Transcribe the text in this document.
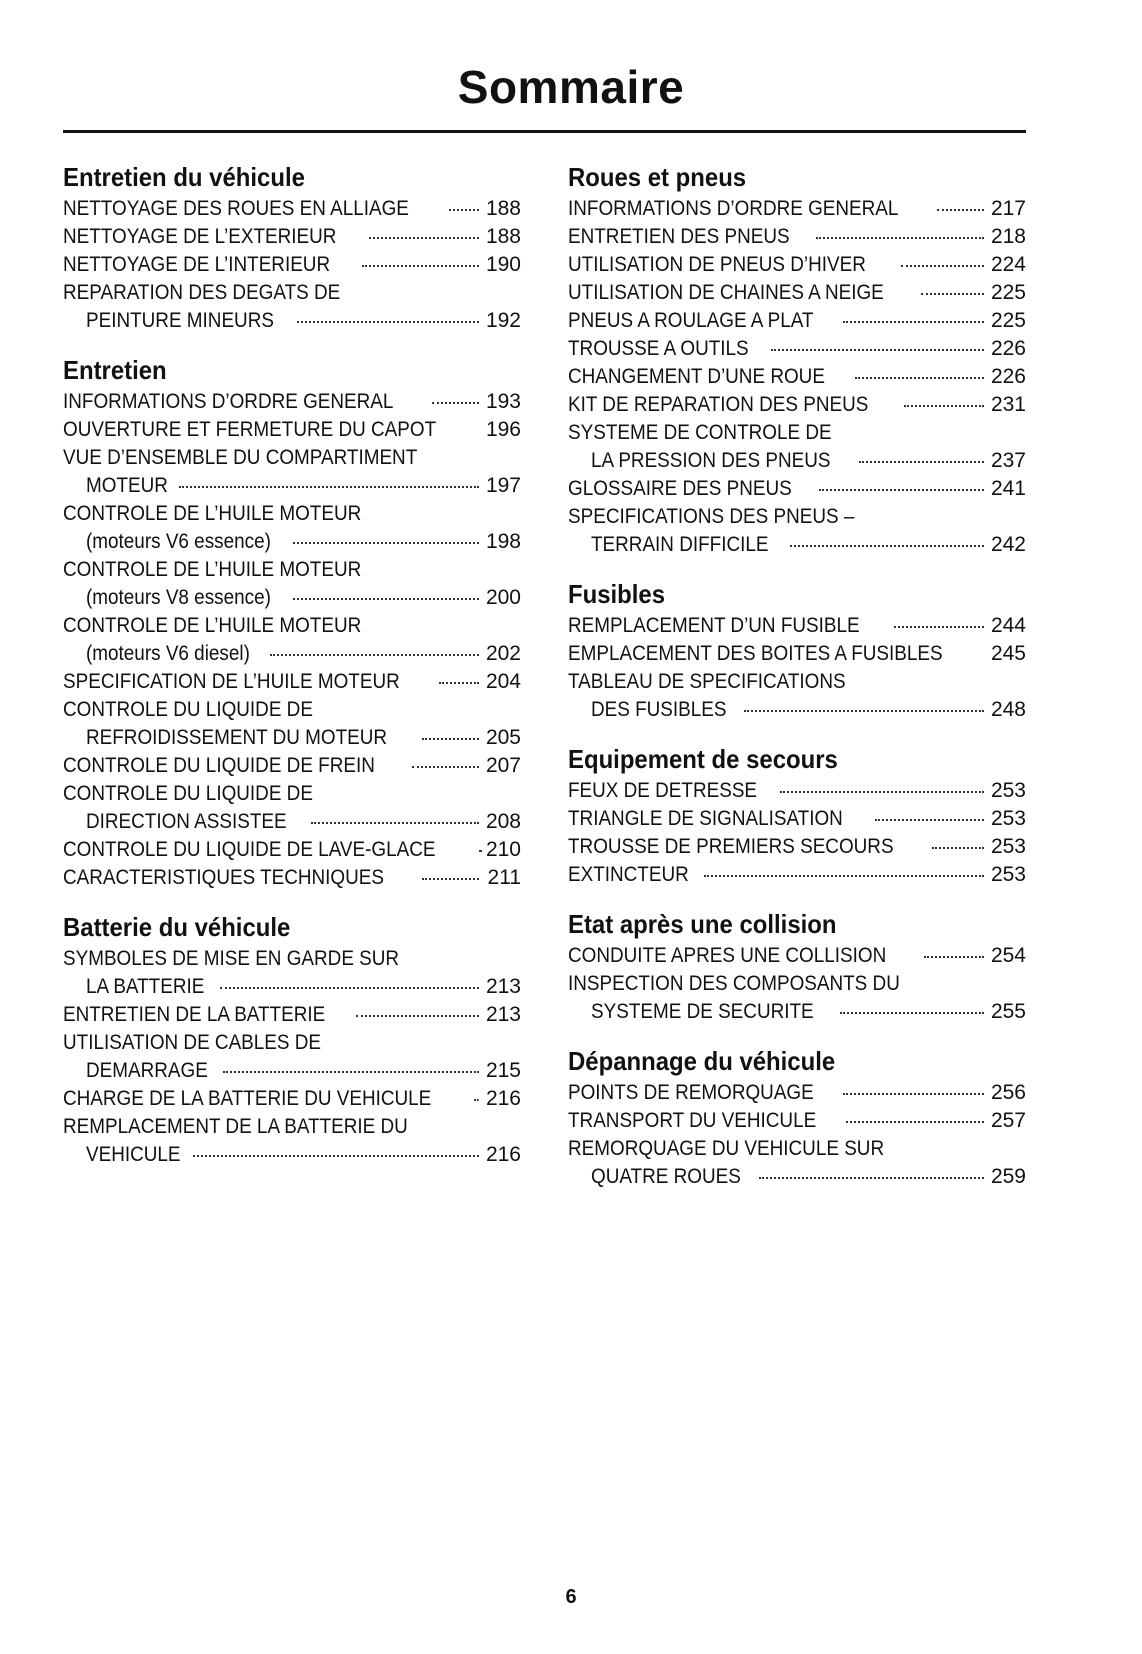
Sommaire
Entretien du véhicule
NETTOYAGE DES ROUES EN ALLIAGE	188
NETTOYAGE DE L’EXTERIEUR	188
NETTOYAGE DE L’INTERIEUR	190
REPARATION DES DEGATS DE
PEINTURE MINEURS	192
Entretien
INFORMATIONS D’ORDRE GENERAL	193
OUVERTURE ET FERMETURE DU CAPOT	196
VUE D’ENSEMBLE DU COMPARTIMENT
MOTEUR	197
CONTROLE DE L’HUILE MOTEUR
(moteurs V6 essence)	198
CONTROLE DE L’HUILE MOTEUR
(moteurs V8 essence)	200
CONTROLE DE L’HUILE MOTEUR
(moteurs V6 diesel)	202
SPECIFICATION DE L’HUILE MOTEUR	204
CONTROLE DU LIQUIDE DE
REFROIDISSEMENT DU MOTEUR	205
CONTROLE DU LIQUIDE DE FREIN	207
CONTROLE DU LIQUIDE DE
DIRECTION ASSISTEE	208
CONTROLE DU LIQUIDE DE LAVE-GLACE	210
CARACTERISTIQUES TECHNIQUES	211
Batterie du véhicule
SYMBOLES DE MISE EN GARDE SUR
LA BATTERIE	213
ENTRETIEN DE LA BATTERIE	213
UTILISATION DE CABLES DE
DEMARRAGE	215
CHARGE DE LA BATTERIE DU VEHICULE	216
REMPLACEMENT DE LA BATTERIE DU
VEHICULE	216
Roues et pneus
INFORMATIONS D’ORDRE GENERAL	217
ENTRETIEN DES PNEUS	218
UTILISATION DE PNEUS D’HIVER	224
UTILISATION DE CHAINES A NEIGE	225
PNEUS A ROULAGE A PLAT	225
TROUSSE A OUTILS	226
CHANGEMENT D’UNE ROUE	226
KIT DE REPARATION DES PNEUS	231
SYSTEME DE CONTROLE DE
LA PRESSION DES PNEUS	237
GLOSSAIRE DES PNEUS	241
SPECIFICATIONS DES PNEUS –
TERRAIN DIFFICILE	242
Fusibles
REMPLACEMENT D’UN FUSIBLE	244
EMPLACEMENT DES BOITES A FUSIBLES	245
TABLEAU DE SPECIFICATIONS
DES FUSIBLES	248
Equipement de secours
FEUX DE DETRESSE	253
TRIANGLE DE SIGNALISATION	253
TROUSSE DE PREMIERS SECOURS	253
EXTINCTEUR	253
Etat après une collision
CONDUITE APRES UNE COLLISION	254
INSPECTION DES COMPOSANTS DU
SYSTEME DE SECURITE	255
Dépannage du véhicule
POINTS DE REMORQUAGE	256
TRANSPORT DU VEHICULE	257
REMORQUAGE DU VEHICULE SUR
QUATRE ROUES	259
6
